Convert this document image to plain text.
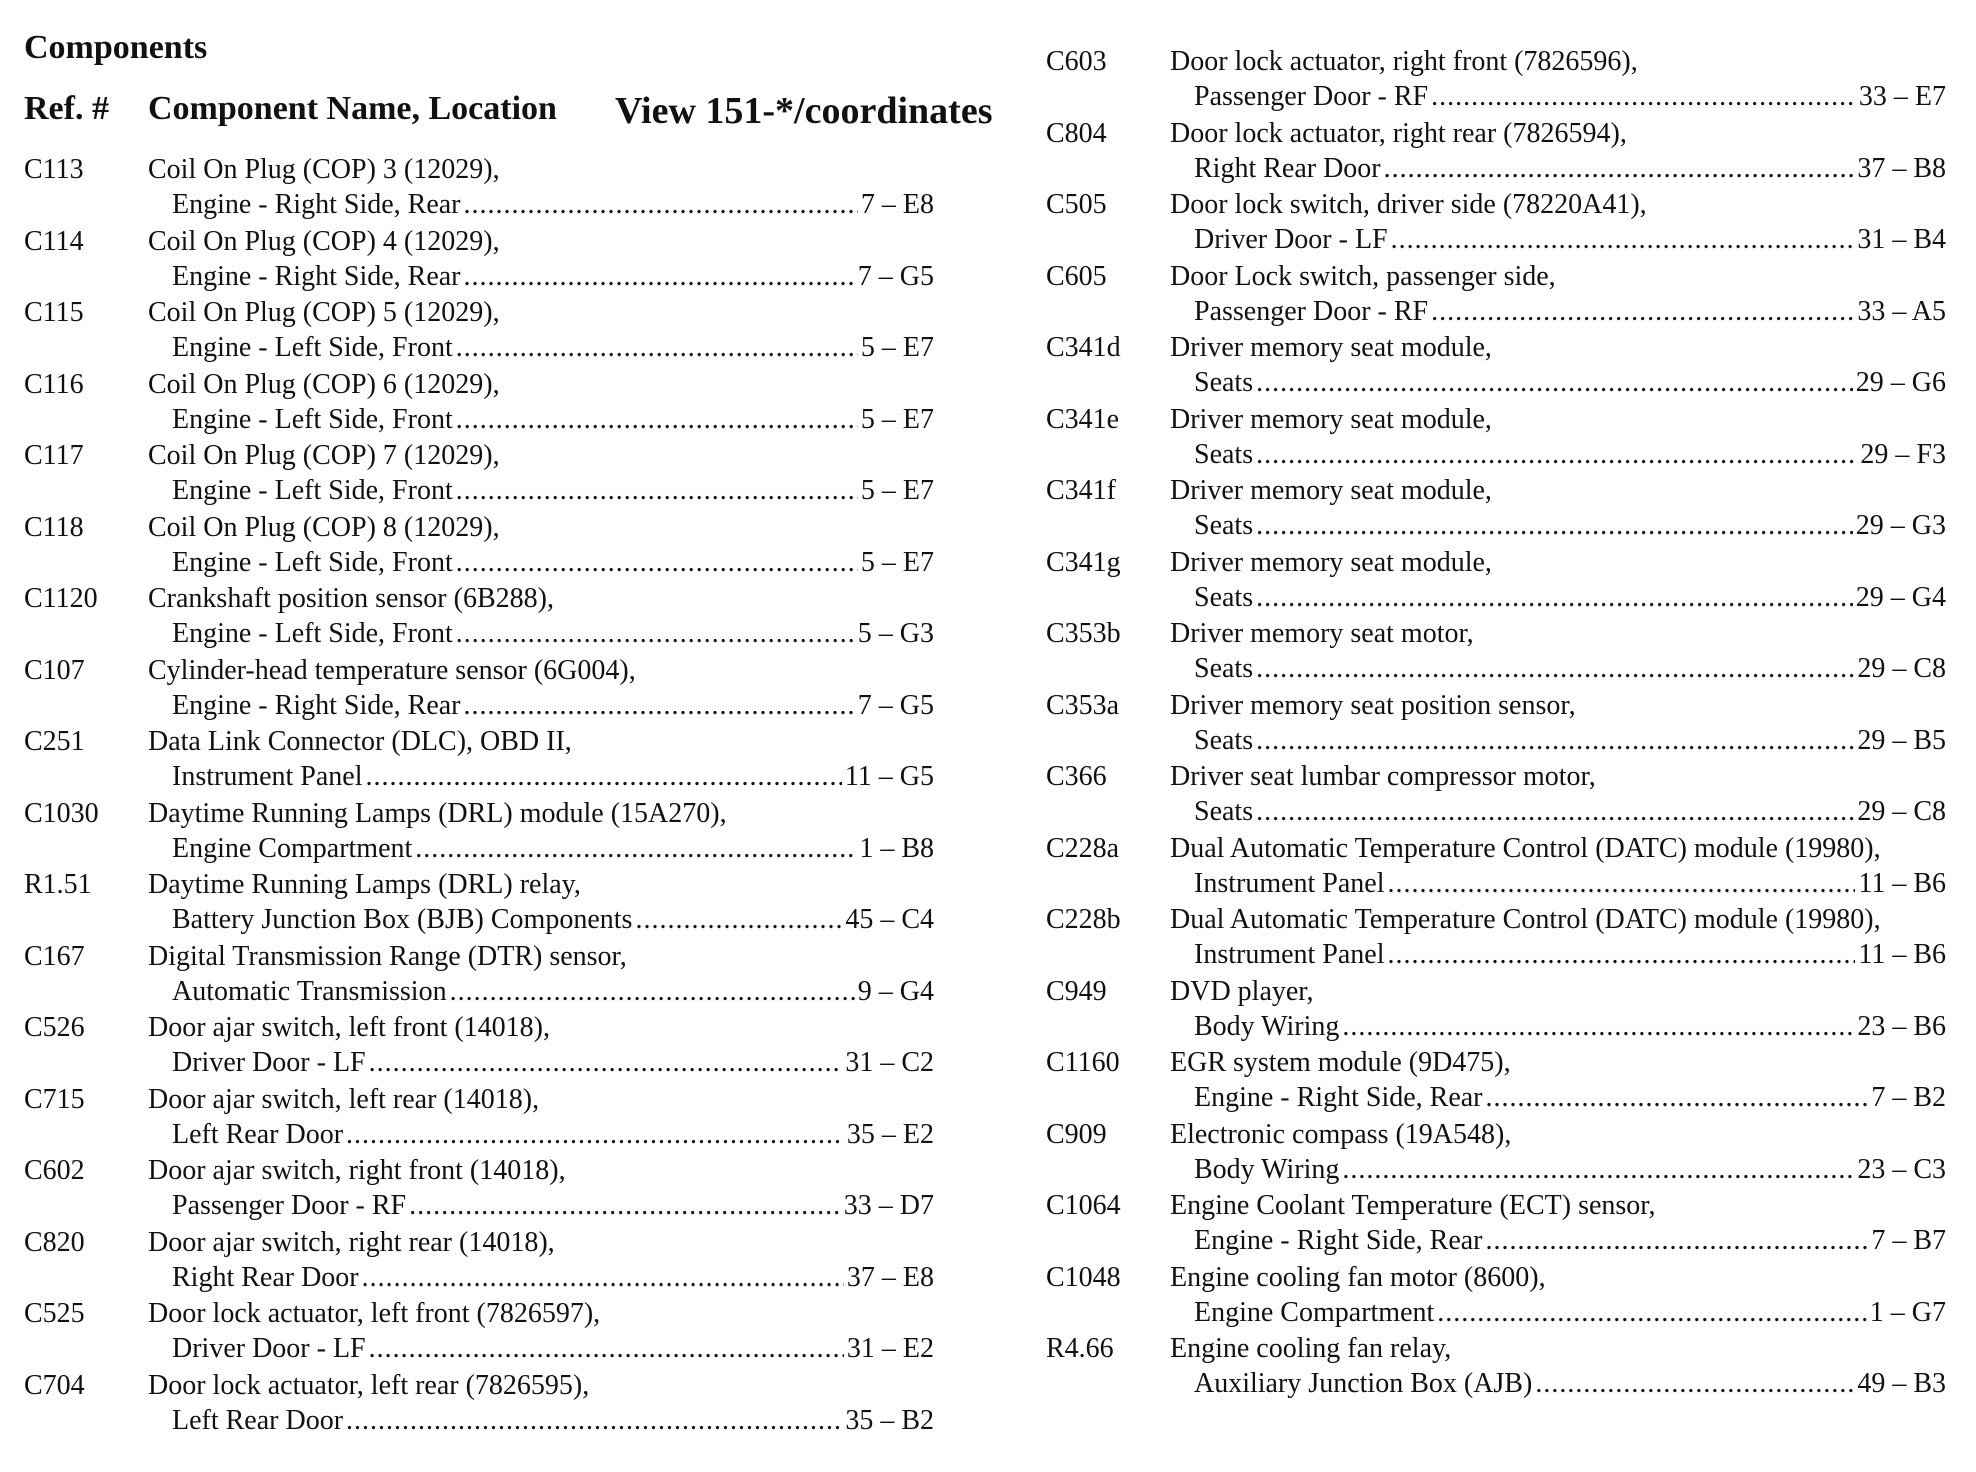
Components
Ref. # Component Name, Location View 151-*/coordinates
C113 Coil On Plug (COP) 3 (12029),
Engine - Right Side, Rear .....	7 – E8
C114 Coil On Plug (COP) 4 (12029),
Engine - Right Side, Rear .....	7 – G5
C115 Coil On Plug (COP) 5 (12029),
Engine - Left Side, Front .....	5 – E7
C116 Coil On Plug (COP) 6 (12029),
Engine - Left Side, Front .....	5 – E7
C117 Coil On Plug (COP) 7 (12029),
Engine - Left Side, Front .....	5 – E7
C118 Coil On Plug (COP) 8 (12029),
Engine - Left Side, Front .....	5 – E7
C1120 Crankshaft position sensor (6B288),
Engine - Left Side, Front .....	5 – G3
C107 Cylinder-head temperature sensor (6G004),
Engine - Right Side, Rear .....	7 – G5
C251 Data Link Connector (DLC), OBD II,
Instrument Panel .....	11 – G5
C1030 Daytime Running Lamps (DRL) module (15A270),
Engine Compartment .....	1 – B8
R1.51 Daytime Running Lamps (DRL) relay,
Battery Junction Box (BJB) Components .....	45 – C4
C167 Digital Transmission Range (DTR) sensor,
Automatic Transmission .....	9 – G4
C526 Door ajar switch, left front (14018),
Driver Door - LF .....	31 – C2
C715 Door ajar switch, left rear (14018),
Left Rear Door .....	35 – E2
C602 Door ajar switch, right front (14018),
Passenger Door - RF .....	33 – D7
C820 Door ajar switch, right rear (14018),
Right Rear Door .....	37 – E8
C525 Door lock actuator, left front (7826597),
Driver Door - LF .....	31 – E2
C704 Door lock actuator, left rear (7826595),
Left Rear Door .....	35 – B2
C603 Door lock actuator, right front (7826596),
Passenger Door - RF .....	33 – E7
C804 Door lock actuator, right rear (7826594),
Right Rear Door .....	37 – B8
C505 Door lock switch, driver side (78220A41),
Driver Door - LF .....	31 – B4
C605 Door Lock switch, passenger side,
Passenger Door - RF .....	33 – A5
C341d Driver memory seat module,
Seats .....	29 – G6
C341e Driver memory seat module,
Seats .....	29 – F3
C341f Driver memory seat module,
Seats .....	29 – G3
C341g Driver memory seat module,
Seats .....	29 – G4
C353b Driver memory seat motor,
Seats .....	29 – C8
C353a Driver memory seat position sensor,
Seats .....	29 – B5
C366 Driver seat lumbar compressor motor,
Seats .....	29 – C8
C228a Dual Automatic Temperature Control (DATC) module (19980),
Instrument Panel .....	11 – B6
C228b Dual Automatic Temperature Control (DATC) module (19980),
Instrument Panel .....	11 – B6
C949 DVD player,
Body Wiring .....	23 – B6
C1160 EGR system module (9D475),
Engine - Right Side, Rear .....	7 – B2
C909 Electronic compass (19A548),
Body Wiring .....	23 – C3
C1064 Engine Coolant Temperature (ECT) sensor,
Engine - Right Side, Rear .....	7 – B7
C1048 Engine cooling fan motor (8600),
Engine Compartment .....	1 – G7
R4.66 Engine cooling fan relay,
Auxiliary Junction Box (AJB) .....	49 – B3
